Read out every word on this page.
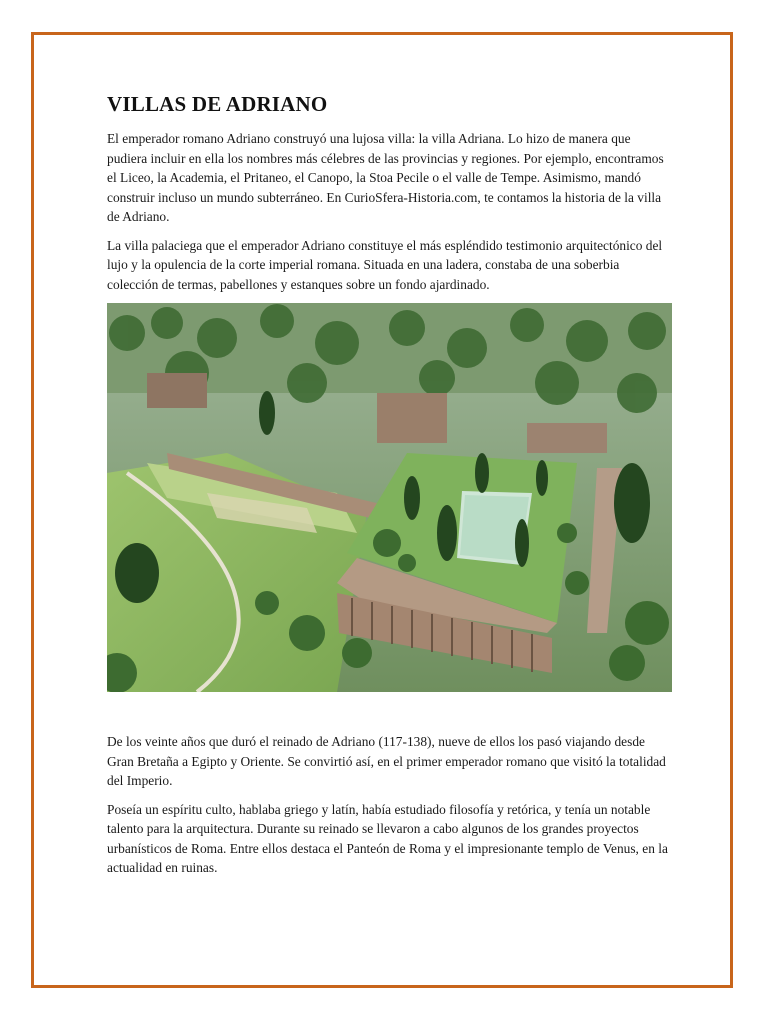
VILLAS DE ADRIANO

El emperador romano Adriano construyó una lujosa villa: la villa Adriana. Lo hizo de manera que pudiera incluir en ella los nombres más célebres de las provincias y regiones. Por ejemplo, encontramos el Liceo, la Academia, el Pritaneo, el Canopo, la Stoa Pecile o el valle de Tempe. Asimismo, mandó construir incluso un mundo subterráneo. En CurioSfera-Historia.com, te contamos la historia de la villa de Adriano.

La villa palaciega que el emperador Adriano constituye el más espléndido testimonio arquitectónico del lujo y la opulencia de la corte imperial romana. Situada en una ladera, constaba de una soberbia colección de termas, pabellones y estanques sobre un fondo ajardinado.

De los veinte años que duró el reinado de Adriano (117-138), nueve de ellos los pasó viajando desde Gran Bretaña a Egipto y Oriente. Se convirtió así, en el primer emperador romano que visitó la totalidad del Imperio.

Poseía un espíritu culto, hablaba griego y latín, había estudiado filosofía y retórica, y tenía un notable talento para la arquitectura. Durante su reinado se llevaron a cabo algunos de los grandes proyectos urbanísticos de Roma. Entre ellos destaca el Panteón de Roma y el impresionante templo de Venus, en la actualidad en ruinas.
